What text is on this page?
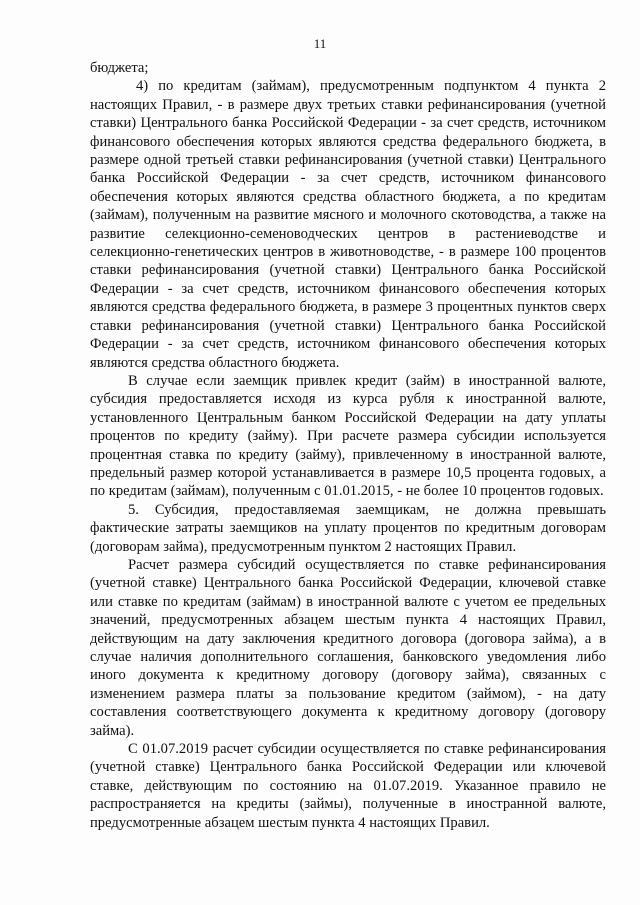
11

бюджета;

4) по кредитам (займам), предусмотренным подпунктом 4 пункта 2 настоящих Правил, - в размере двух третьих ставки рефинансирования (учетной ставки) Центрального банка Российской Федерации - за счет средств, источником финансового обеспечения которых являются средства федерального бюджета, в размере одной третьей ставки рефинансирования (учетной ставки) Центрального банка Российской Федерации - за счет средств, источником финансового обеспечения которых являются средства областного бюджета, а по кредитам (займам), полученным на развитие мясного и молочного скотоводства, а также на развитие селекционно-семеноводческих центров в растениеводстве и селекционно-генетических центров в животноводстве, - в размере 100 процентов ставки рефинансирования (учетной ставки) Центрального банка Российской Федерации - за счет средств, источником финансового обеспечения которых являются средства федерального бюджета, в размере 3 процентных пунктов сверх ставки рефинансирования (учетной ставки) Центрального банка Российской Федерации - за счет средств, источником финансового обеспечения которых являются средства областного бюджета.

В случае если заемщик привлек кредит (займ) в иностранной валюте, субсидия предоставляется исходя из курса рубля к иностранной валюте, установленного Центральным банком Российской Федерации на дату уплаты процентов по кредиту (займу). При расчете размера субсидии используется процентная ставка по кредиту (займу), привлеченному в иностранной валюте, предельный размер которой устанавливается в размере 10,5 процента годовых, а по кредитам (займам), полученным с 01.01.2015, - не более 10 процентов годовых.

5. Субсидия, предоставляемая заемщикам, не должна превышать фактические затраты заемщиков на уплату процентов по кредитным договорам (договорам займа), предусмотренным пунктом 2 настоящих Правил.

Расчет размера субсидий осуществляется по ставке рефинансирования (учетной ставке) Центрального банка Российской Федерации, ключевой ставке или ставке по кредитам (займам) в иностранной валюте с учетом ее предельных значений, предусмотренных абзацем шестым пункта 4 настоящих Правил, действующим на дату заключения кредитного договора (договора займа), а в случае наличия дополнительного соглашения, банковского уведомления либо иного документа к кредитному договору (договору займа), связанных с изменением размера платы за пользование кредитом (займом), - на дату составления соответствующего документа к кредитному договору (договору займа).

С 01.07.2019 расчет субсидии осуществляется по ставке рефинансирования (учетной ставке) Центрального банка Российской Федерации или ключевой ставке, действующим по состоянию на 01.07.2019. Указанное правило не распространяется на кредиты (займы), полученные в иностранной валюте, предусмотренные абзацем шестым пункта 4 настоящих Правил.
